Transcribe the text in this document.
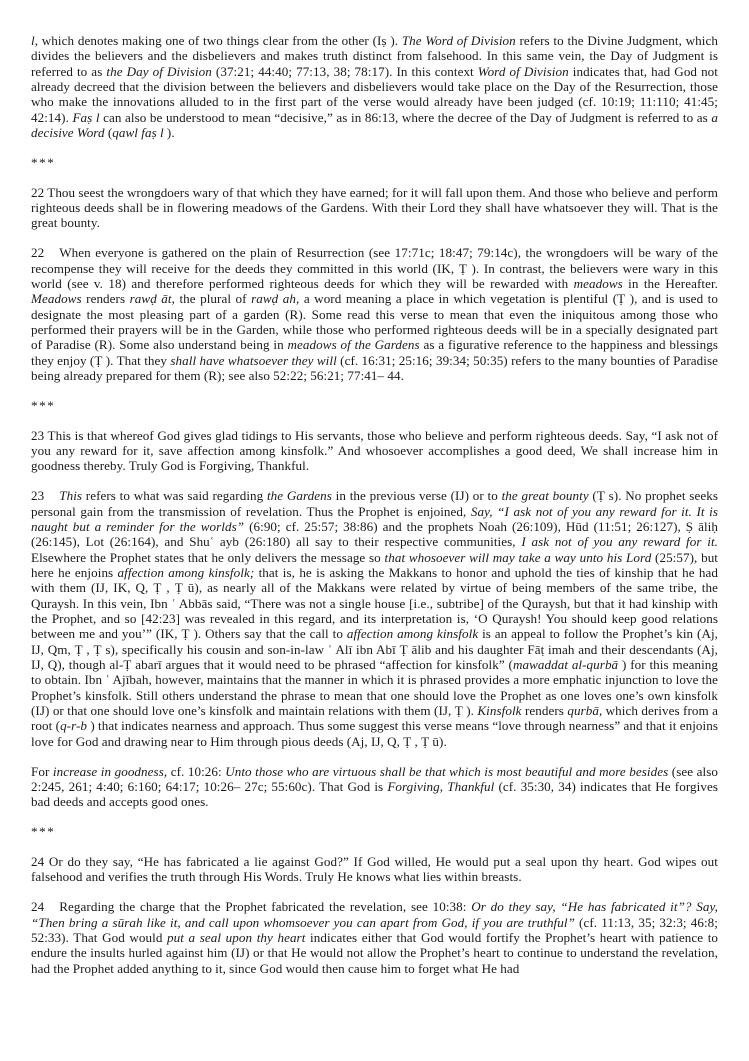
l, which denotes making one of two things clear from the other (Iṣ ). The Word of Division refers to the Divine Judgment, which divides the believers and the disbelievers and makes truth distinct from falsehood. In this same vein, the Day of Judgment is referred to as the Day of Division (37:21; 44:40; 77:13, 38; 78:17). In this context Word of Division indicates that, had God not already decreed that the division between the believers and disbelievers would take place on the Day of the Resurrection, those who make the innovations alluded to in the first part of the verse would already have been judged (cf. 10:19; 11:110; 41:45; 42:14). Faṣ l can also be understood to mean “decisive,” as in 86:13, where the decree of the Day of Judgment is referred to as a decisive Word (qawl faṣ l ).

***

22 Thou seest the wrongdoers wary of that which they have earned; for it will fall upon them. And those who believe and perform righteous deeds shall be in flowering meadows of the Gardens. With their Lord they shall have whatsoever they will. That is the great bounty.

22 When everyone is gathered on the plain of Resurrection (see 17:71c; 18:47; 79:14c), the wrongdoers will be wary of the recompense they will receive for the deeds they committed in this world (IK, Ṭ ). In contrast, the believers were wary in this world (see v. 18) and therefore performed righteous deeds for which they will be rewarded with meadows in the Hereafter. Meadows renders rawḍ āt, the plural of rawḍ ah, a word meaning a place in which vegetation is plentiful (Ṭ ), and is used to designate the most pleasing part of a garden (R). Some read this verse to mean that even the iniquitous among those who performed their prayers will be in the Garden, while those who performed righteous deeds will be in a specially designated part of Paradise (R). Some also understand being in meadows of the Gardens as a figurative reference to the happiness and blessings they enjoy (Ṭ ). That they shall have whatsoever they will (cf. 16:31; 25:16; 39:34; 50:35) refers to the many bounties of Paradise being already prepared for them (R); see also 52:22; 56:21; 77:41– 44.

***

23 This is that whereof God gives glad tidings to His servants, those who believe and perform righteous deeds. Say, “I ask not of you any reward for it, save affection among kinsfolk.” And whosoever accomplishes a good deed, We shall increase him in goodness thereby. Truly God is Forgiving, Thankful.

23 This refers to what was said regarding the Gardens in the previous verse (IJ) or to the great bounty (Ṭ s). No prophet seeks personal gain from the transmission of revelation. Thus the Prophet is enjoined, Say, “I ask not of you any reward for it. It is naught but a reminder for the worlds” (6:90; cf. 25:57; 38:86) and the prophets Noah (26:109), Hūd (11:51; 26:127), Ṣ āliḥ (26:145), Lot (26:164), and Shuʿ ayb (26:180) all say to their respective communities, I ask not of you any reward for it. Elsewhere the Prophet states that he only delivers the message so that whosoever will may take a way unto his Lord (25:57), but here he enjoins affection among kinsfolk; that is, he is asking the Makkans to honor and uphold the ties of kinship that he had with them (IJ, IK, Q, Ṭ , Ṭ ū), as nearly all of the Makkans were related by virtue of being members of the same tribe, the Quraysh. In this vein, Ibn ʿ Abbās said, “There was not a single house [i.e., subtribe] of the Quraysh, but that it had kinship with the Prophet, and so [42:23] was revealed in this regard, and its interpretation is, ‘O Quraysh! You should keep good relations between me and you’” (IK, Ṭ ). Others say that the call to affection among kinsfolk is an appeal to follow the Prophet’s kin (Aj, IJ, Qm, Ṭ , Ṭ s), specifically his cousin and son-in-law ʿ Alī ibn Abī Ṭ ālib and his daughter Fāṭ imah and their descendants (Aj, IJ, Q), though al-Ṭ abarī argues that it would need to be phrased “affection for kinsfolk” (mawaddat al-qurbā ) for this meaning to obtain. Ibn ʿ Ajībah, however, maintains that the manner in which it is phrased provides a more emphatic injunction to love the Prophet’s kinsfolk. Still others understand the phrase to mean that one should love the Prophet as one loves one’s own kinsfolk (IJ) or that one should love one’s kinsfolk and maintain relations with them (IJ, Ṭ ). Kinsfolk renders qurbā, which derives from a root (q-r-b ) that indicates nearness and approach. Thus some suggest this verse means “love through nearness” and that it enjoins love for God and drawing near to Him through pious deeds (Aj, IJ, Q, Ṭ , Ṭ ū).

For increase in goodness, cf. 10:26: Unto those who are virtuous shall be that which is most beautiful and more besides (see also 2:245, 261; 4:40; 6:160; 64:17; 10:26– 27c; 55:60c). That God is Forgiving, Thankful (cf. 35:30, 34) indicates that He forgives bad deeds and accepts good ones.

***

24 Or do they say, “He has fabricated a lie against God?” If God willed, He would put a seal upon thy heart. God wipes out falsehood and verifies the truth through His Words. Truly He knows what lies within breasts.

24 Regarding the charge that the Prophet fabricated the revelation, see 10:38: Or do they say, “He has fabricated it”? Say, “Then bring a sūrah like it, and call upon whomsoever you can apart from God, if you are truthful” (cf. 11:13, 35; 32:3; 46:8; 52:33). That God would put a seal upon thy heart indicates either that God would fortify the Prophet’s heart with patience to endure the insults hurled against him (IJ) or that He would not allow the Prophet’s heart to continue to understand the revelation, had the Prophet added anything to it, since God would then cause him to forget what He had
